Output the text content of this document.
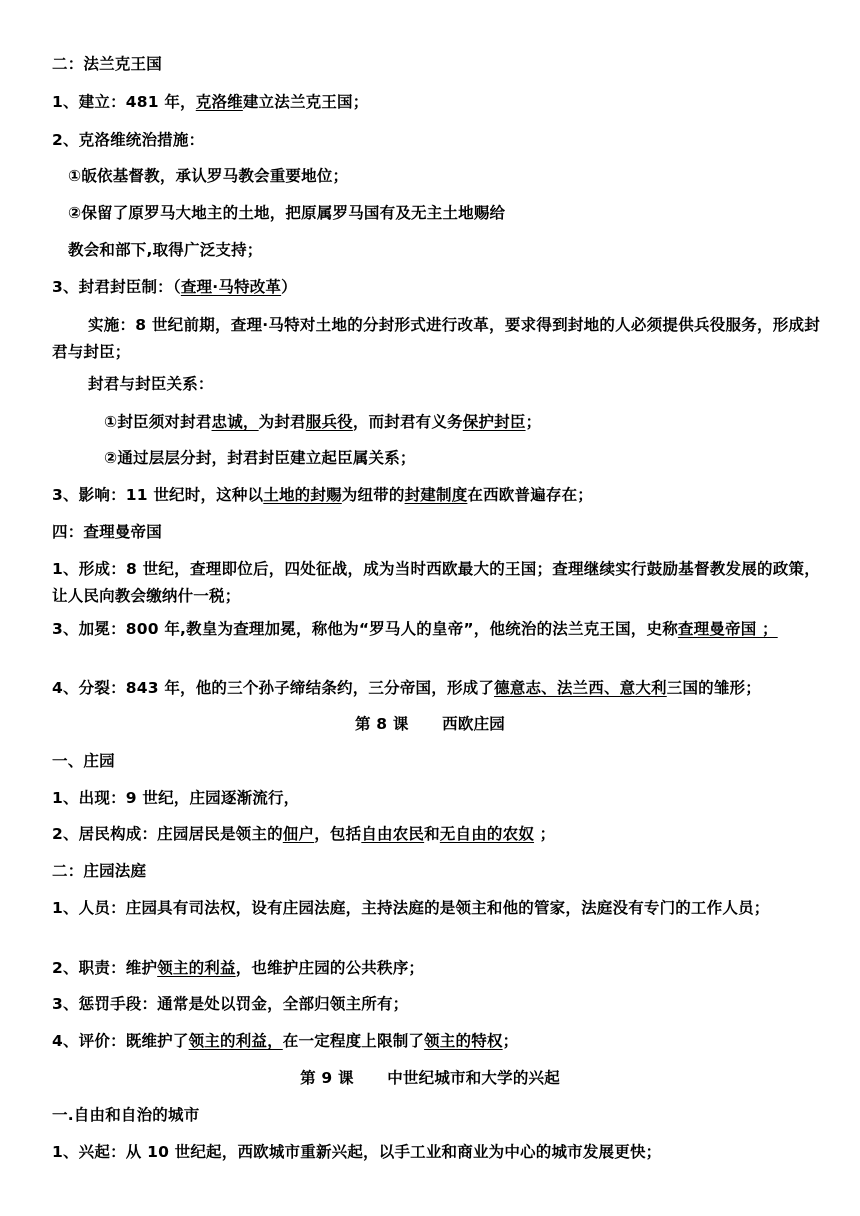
二：法兰克王国
1、建立：481 年，克洛维建立法兰克王国；
2、克洛维统治措施：
①皈依基督教，承认罗马教会重要地位；
②保留了原罗马大地主的土地，把原属罗马国有及无主土地赐给
教会和部下,取得广泛支持；
3、封君封臣制：（查理·马特改革）
实施：8 世纪前期，查理·马特对土地的分封形式进行改革，要求得到封地的人必须提供兵役服务，形成封君与封臣；
封君与封臣关系：
①封臣须对封君忠诚，为封君服兵役，而封君有义务保护封臣；
②通过层层分封，封君封臣建立起臣属关系；
3、影响：11 世纪时，这种以土地的封赐为纽带的封建制度在西欧普遍存在；
四：查理曼帝国
1、形成：8 世纪，查理即位后，四处征战，成为当时西欧最大的王国；查理继续实行鼓励基督教发展的政策，让人民向教会缴纳什一税；
3、加冕：800 年,教皇为查理加冕，称他为“罗马人的皇帝”，他统治的法兰克王国，史称查理曼帝国 ；
4、分裂：843 年，他的三个孙子缔结条约，三分帝国，形成了德意志、法兰西、意大利三国的雏形；
第 8 课      西欧庄园
一、庄园
1、出现：9 世纪，庄园逐渐流行，
2、居民构成：庄园居民是领主的佃户，包括自由农民和无自由的农奴 ；
二：庄园法庭
1、人员：庄园具有司法权，设有庄园法庭，主持法庭的是领主和他的管家，法庭没有专门的工作人员；
2、职责：维护领主的利益，也维护庄园的公共秩序；
3、惩罚手段：通常是处以罚金，全部归领主所有；
4、评价：既维护了领主的利益，在一定程度上限制了领主的特权；
第 9 课      中世纪城市和大学的兴起
一.自由和自治的城市
1、兴起：从 10 世纪起，西欧城市重新兴起，以手工业和商业为中心的城市发展更快；
